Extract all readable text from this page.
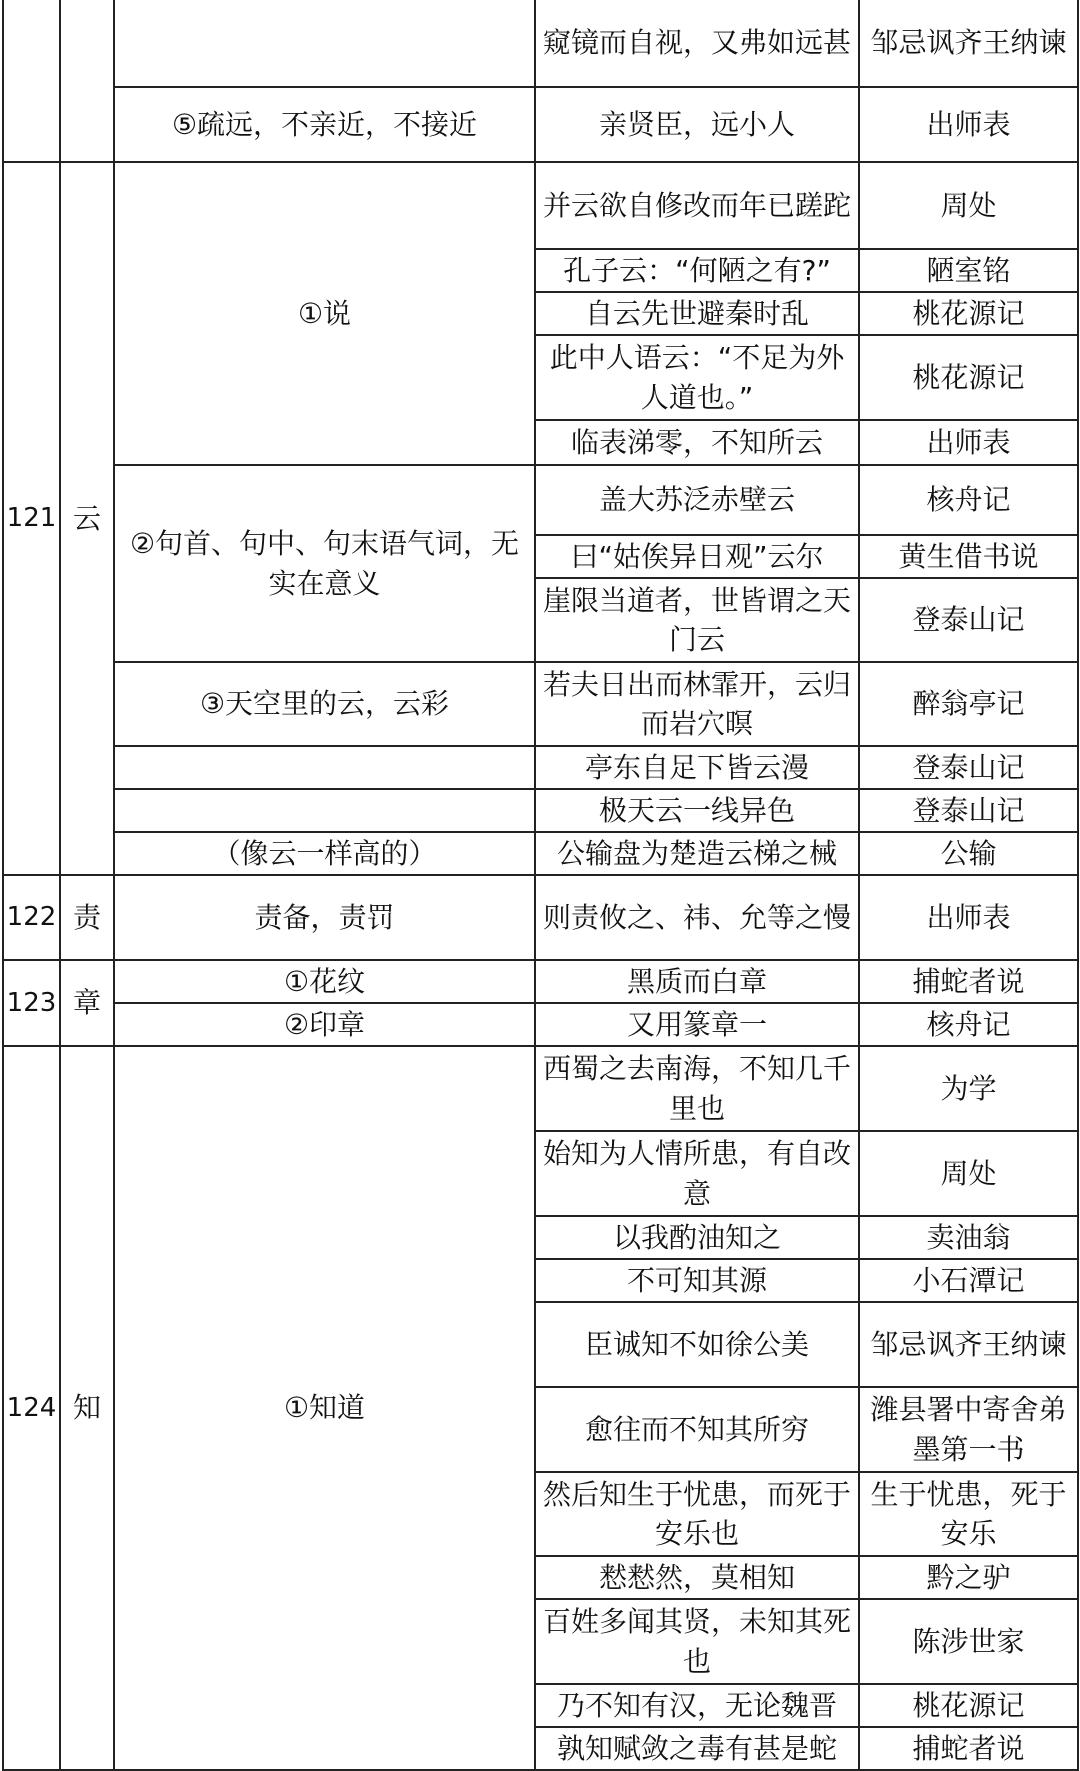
			窥镜而自视，又弗如远甚	邹忌讽齐王纳谏
		⑤疏远，不亲近，不接近	亲贤臣，远小人	出师表
121	云	①说	并云欲自修改而年已蹉跎	周处
			孔子云：“何陋之有?”	陋室铭
			自云先世避秦时乱	桃花源记
			此中人语云：“不足为外人道也。”	桃花源记
			临表涕零，不知所云	出师表
		②句首、句中、句末语气词，无实在意义	盖大苏泛赤壁云	核舟记
			曰“姑俟异日观”云尔	黄生借书说
			崖限当道者，世皆谓之天门云	登泰山记
		③天空里的云，云彩	若夫日出而林霏开，云归而岩穴暝	醉翁亭记
			亭东自足下皆云漫	登泰山记
			极天云一线异色	登泰山记
		（像云一样高的）	公输盘为楚造云梯之械	公输
122	责	责备，责罚	则责攸之、祎、允等之慢	出师表
123	章	①花纹	黑质而白章	捕蛇者说
		②印章	又用篆章一	核舟记
124	知	①知道	西蜀之去南海，不知几千里也	为学
			始知为人情所患，有自改意	周处
			以我酌油知之	卖油翁
			不可知其源	小石潭记
			臣诚知不如徐公美	邹忌讽齐王纳谏
			愈往而不知其所穷	潍县署中寄舍弟墨第一书
			然后知生于忧患，而死于安乐也	生于忧患，死于安乐
			慭慭然，莫相知	黔之驴
			百姓多闻其贤，未知其死也	陈涉世家
			乃不知有汉，无论魏晋	桃花源记
			孰知赋敛之毒有甚是蛇	捕蛇者说
